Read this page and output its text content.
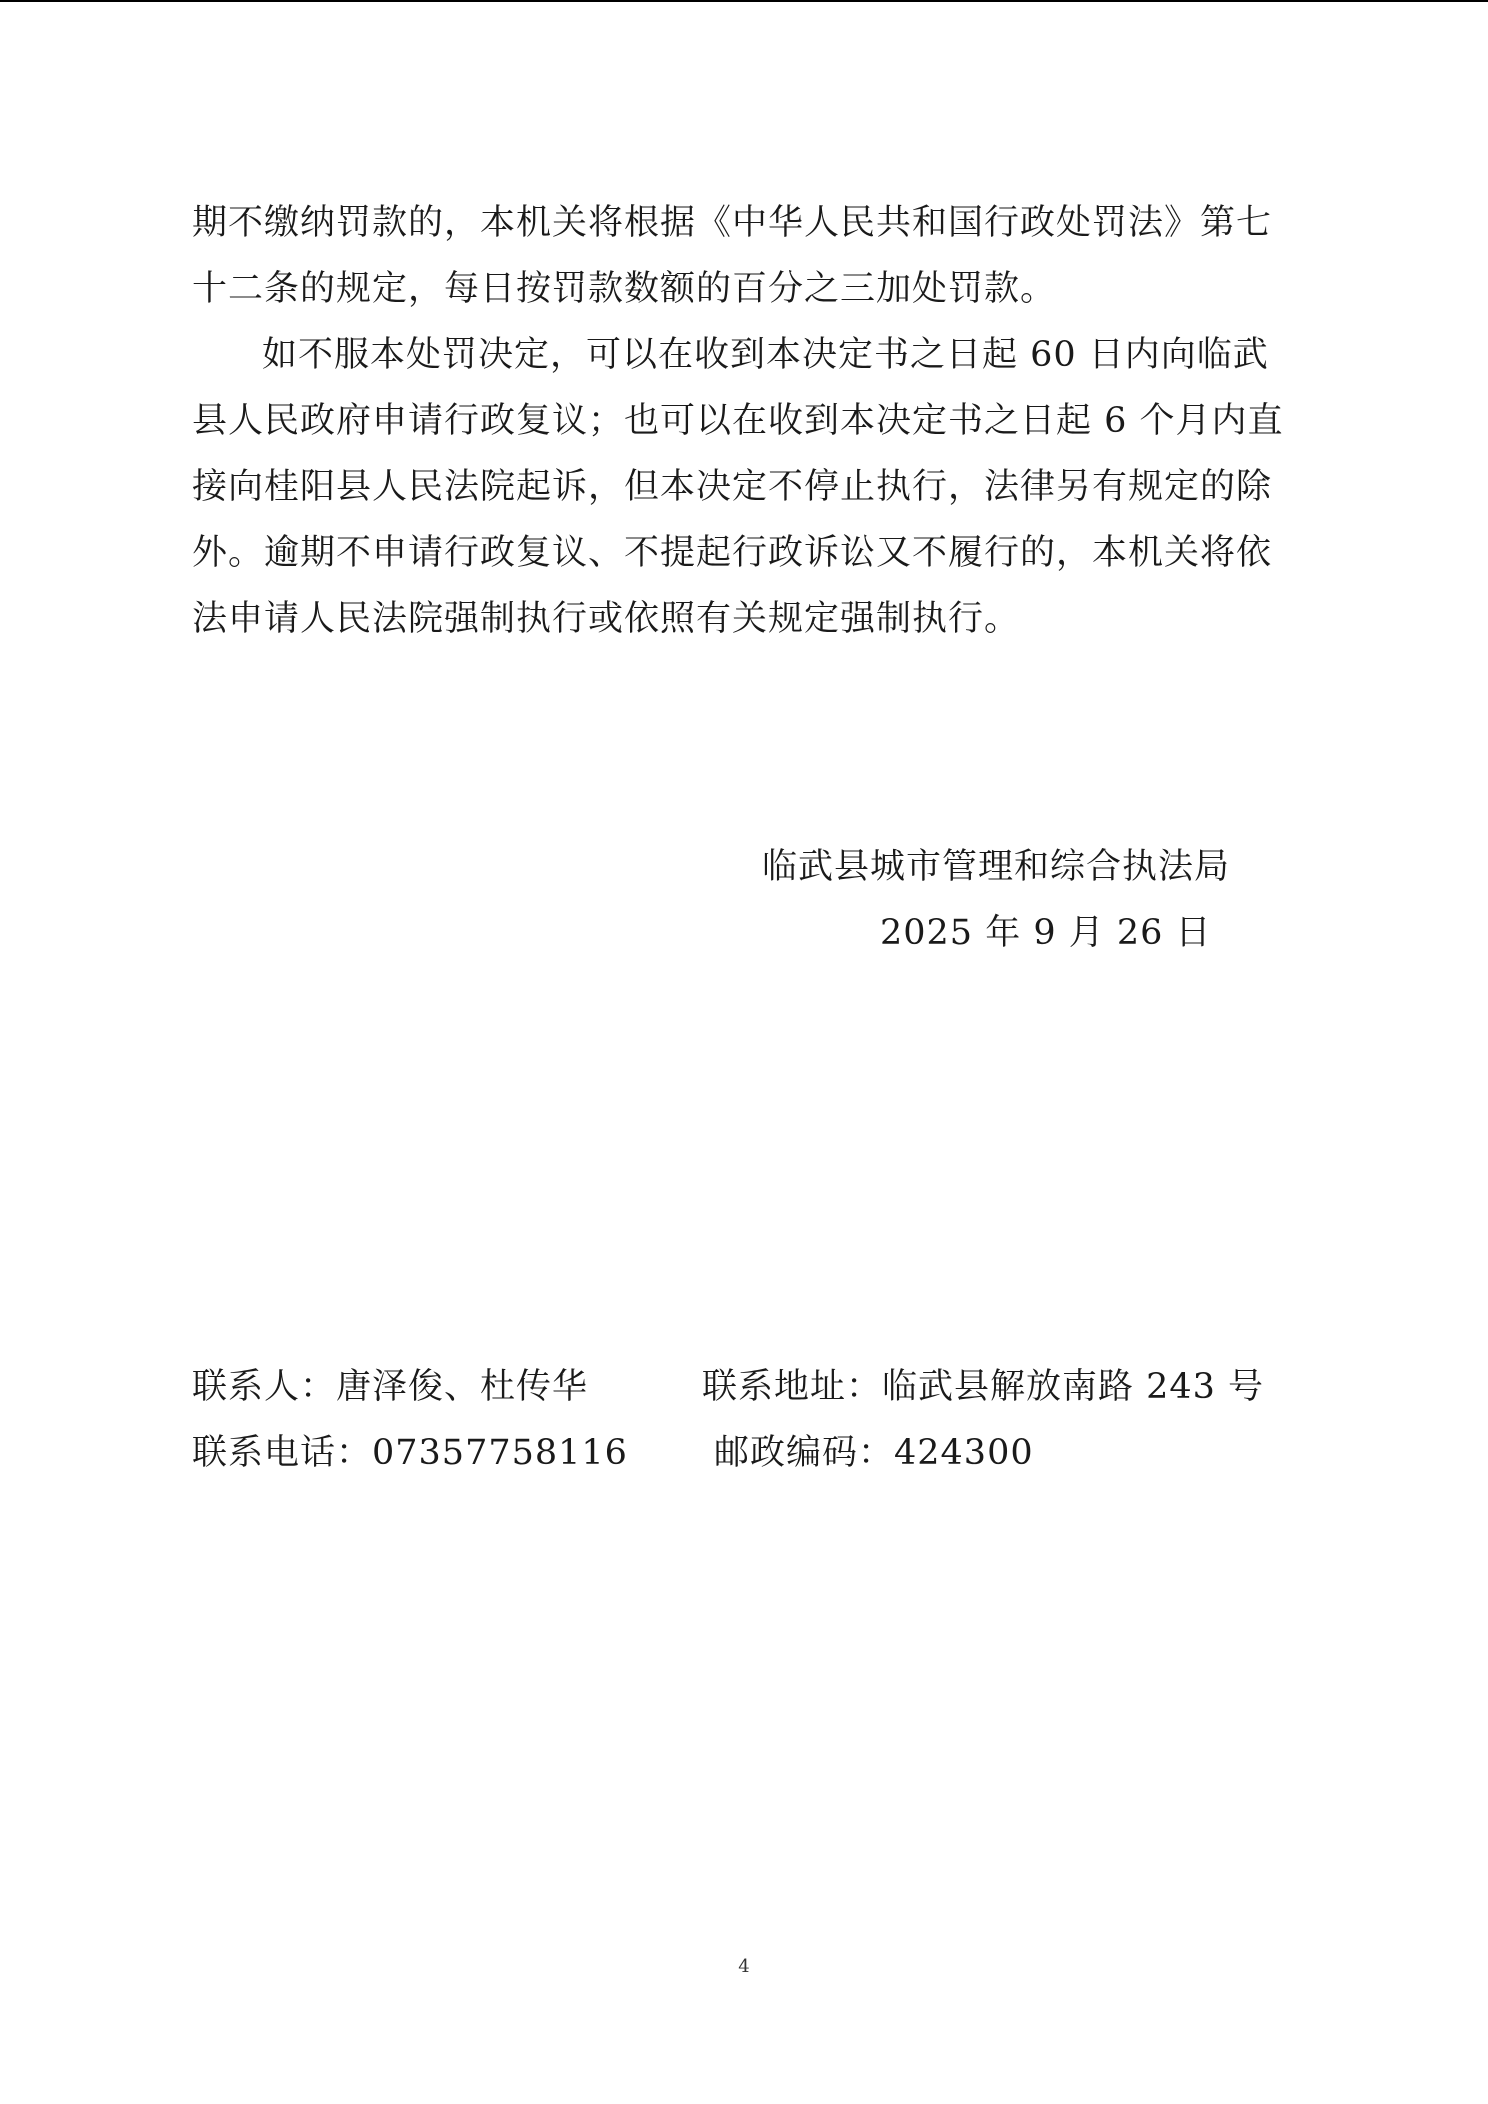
期不缴纳罚款的，本机关将根据《中华人民共和国行政处罚法》第七十二条的规定，每日按罚款数额的百分之三加处罚款。

如不服本处罚决定，可以在收到本决定书之日起 60 日内向临武县人民政府申请行政复议；也可以在收到本决定书之日起 6 个月内直接向桂阳县人民法院起诉，但本决定不停止执行，法律另有规定的除外。逾期不申请行政复议、不提起行政诉讼又不履行的，本机关将依法申请人民法院强制执行或依照有关规定强制执行。

临武县城市管理和综合执法局
2025 年 9 月 26 日
联系人：唐泽俊、杜传华	联系地址：临武县解放南路 243 号
联系电话：07357758116 邮政编码：424300
4
